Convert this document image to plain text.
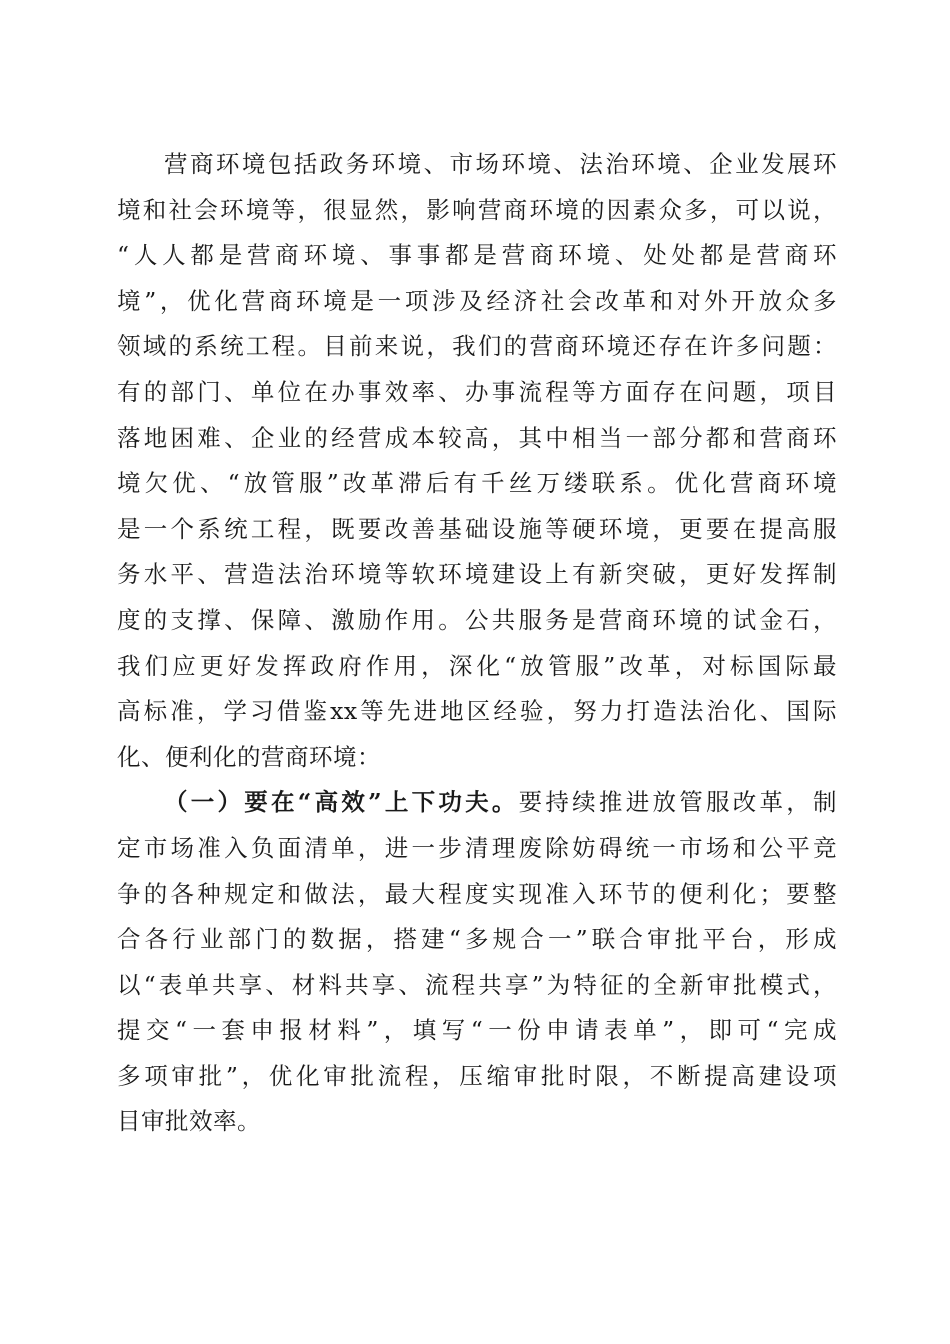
营商环境包括政务环境、市场环境、法治环境、企业发展环
境和社会环境等，很显然，影响营商环境的因素众多，可以说，
“人人都是营商环境、事事都是营商环境、处处都是营商环
境”，优化营商环境是一项涉及经济社会改革和对外开放众多
领域的系统工程。目前来说，我们的营商环境还存在许多问题：
有的部门、单位在办事效率、办事流程等方面存在问题，项目
落地困难、企业的经营成本较高，其中相当一部分都和营商环
境欠优、“放管服”改革滞后有千丝万缕联系。优化营商环境
是一个系统工程，既要改善基础设施等硬环境，更要在提高服
务水平、营造法治环境等软环境建设上有新突破，更好发挥制
度的支撑、保障、激励作用。公共服务是营商环境的试金石，
我们应更好发挥政府作用，深化“放管服”改革，对标国际最
高标准，学习借鉴xx等先进地区经验，努力打造法治化、国际
化、便利化的营商环境：
（一）要在“高效”上下功夫。要持续推进放管服改革，制
定市场准入负面清单，进一步清理废除妨碍统一市场和公平竞
争的各种规定和做法，最大程度实现准入环节的便利化；要整
合各行业部门的数据，搭建“多规合一”联合审批平台，形成
以“表单共享、材料共享、流程共享”为特征的全新审批模式，
提交“一套申报材料”，填写“一份申请表单”，即可“完成
多项审批”，优化审批流程，压缩审批时限，不断提高建设项
目审批效率。
